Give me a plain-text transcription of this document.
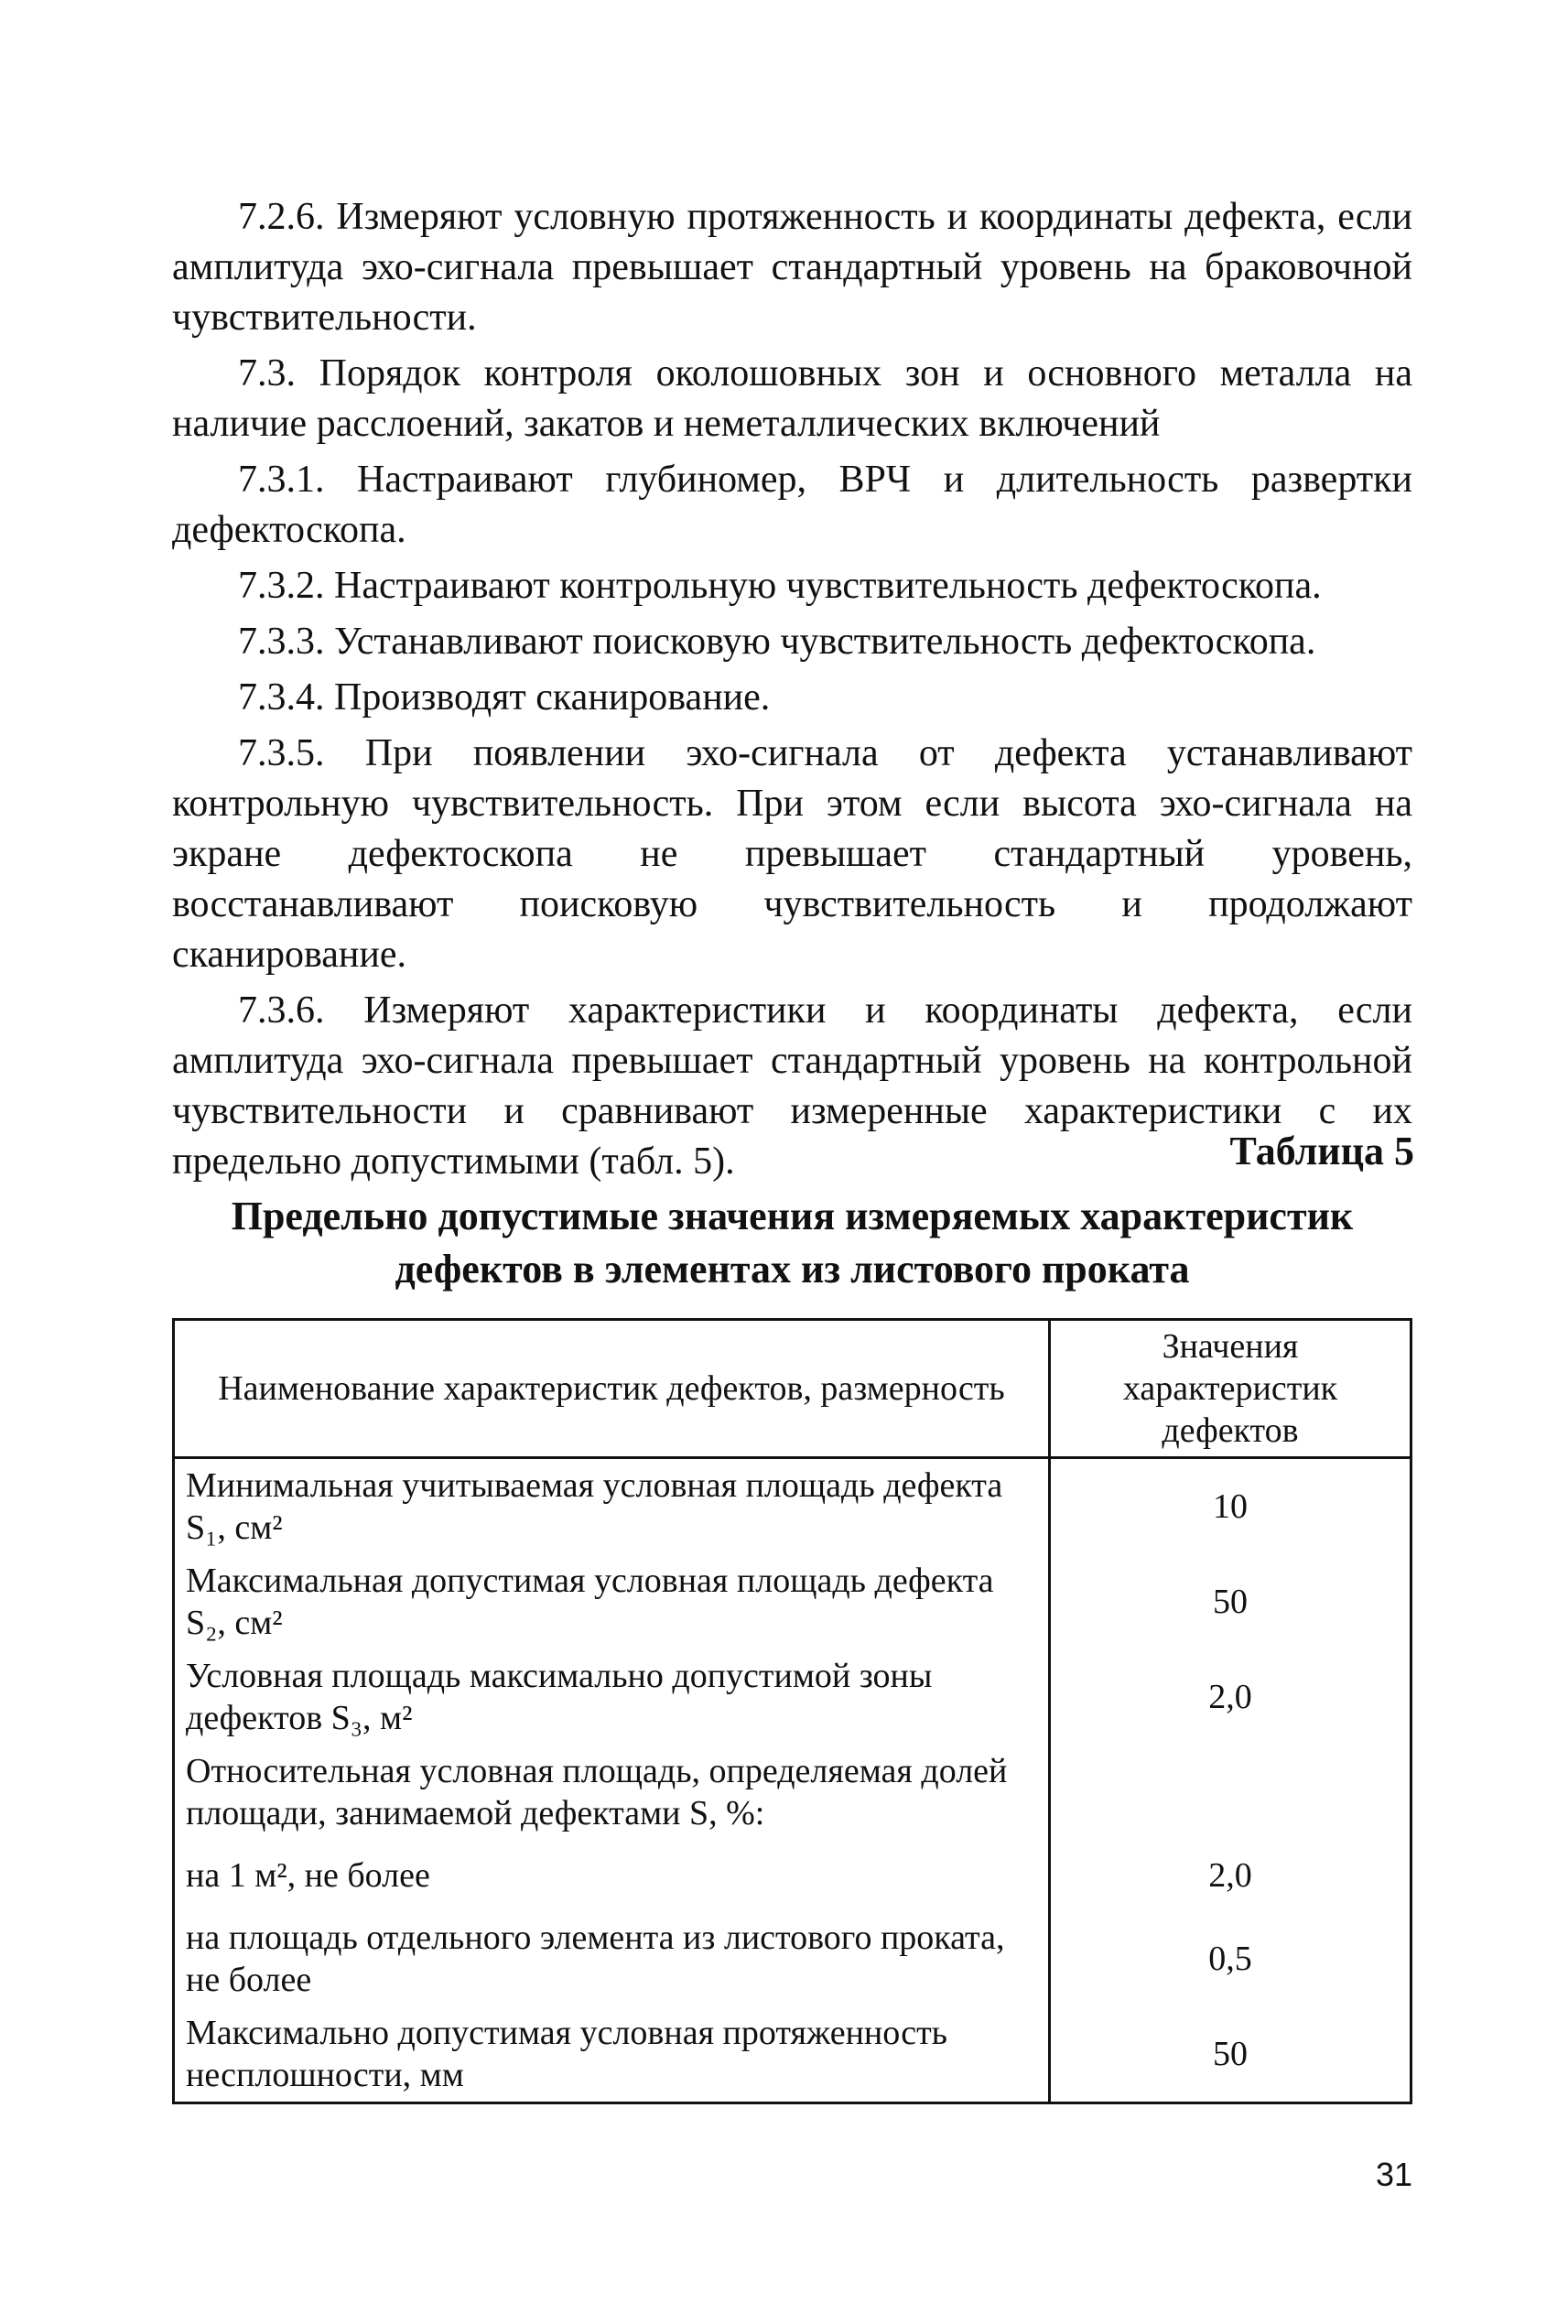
7.2.6. Измеряют условную протяженность и координаты дефекта, если амплитуда эхо-сигнала превышает стандартный уровень на браковочной чувствительности.

7.3. Порядок контроля околошовных зон и основного металла на наличие расслоений, закатов и неметаллических включений

7.3.1. Настраивают глубиномер, ВРЧ и длительность развертки дефектоскопа.

7.3.2. Настраивают контрольную чувствительность дефектоскопа.

7.3.3. Устанавливают поисковую чувствительность дефектоскопа.

7.3.4. Производят сканирование.

7.3.5. При появлении эхо-сигнала от дефекта устанавливают контрольную чувствительность. При этом если высота эхо-сигнала на экране дефектоскопа не превышает стандартный уровень, восстанавливают поисковую чувствительность и продолжают сканирование.

7.3.6. Измеряют характеристики и координаты дефекта, если амплитуда эхо-сигнала превышает стандартный уровень на контрольной чувствительности и сравнивают измеренные характеристики с их предельно допустимыми (табл. 5).	Таблица 5
Предельно допустимые значения измеряемых характеристик
дефектов в элементах из листового проката
Наименование характеристик дефектов, размерность	Значения характеристик дефектов
Минимальная учитываемая условная площадь дефекта S₁, см²	10
Максимальная допустимая условная площадь дефекта S₂, см²	50
Условная площадь максимально допустимой зоны дефектов S₃, м²	2,0
Относительная условная площадь, определяемая долей площади, занимаемой дефектами S, %:	
на 1 м², не более	2,0
на площадь отдельного элемента из листового проката, не более	0,5
Максимально допустимая условная протяженность несплошности, мм	50
31
